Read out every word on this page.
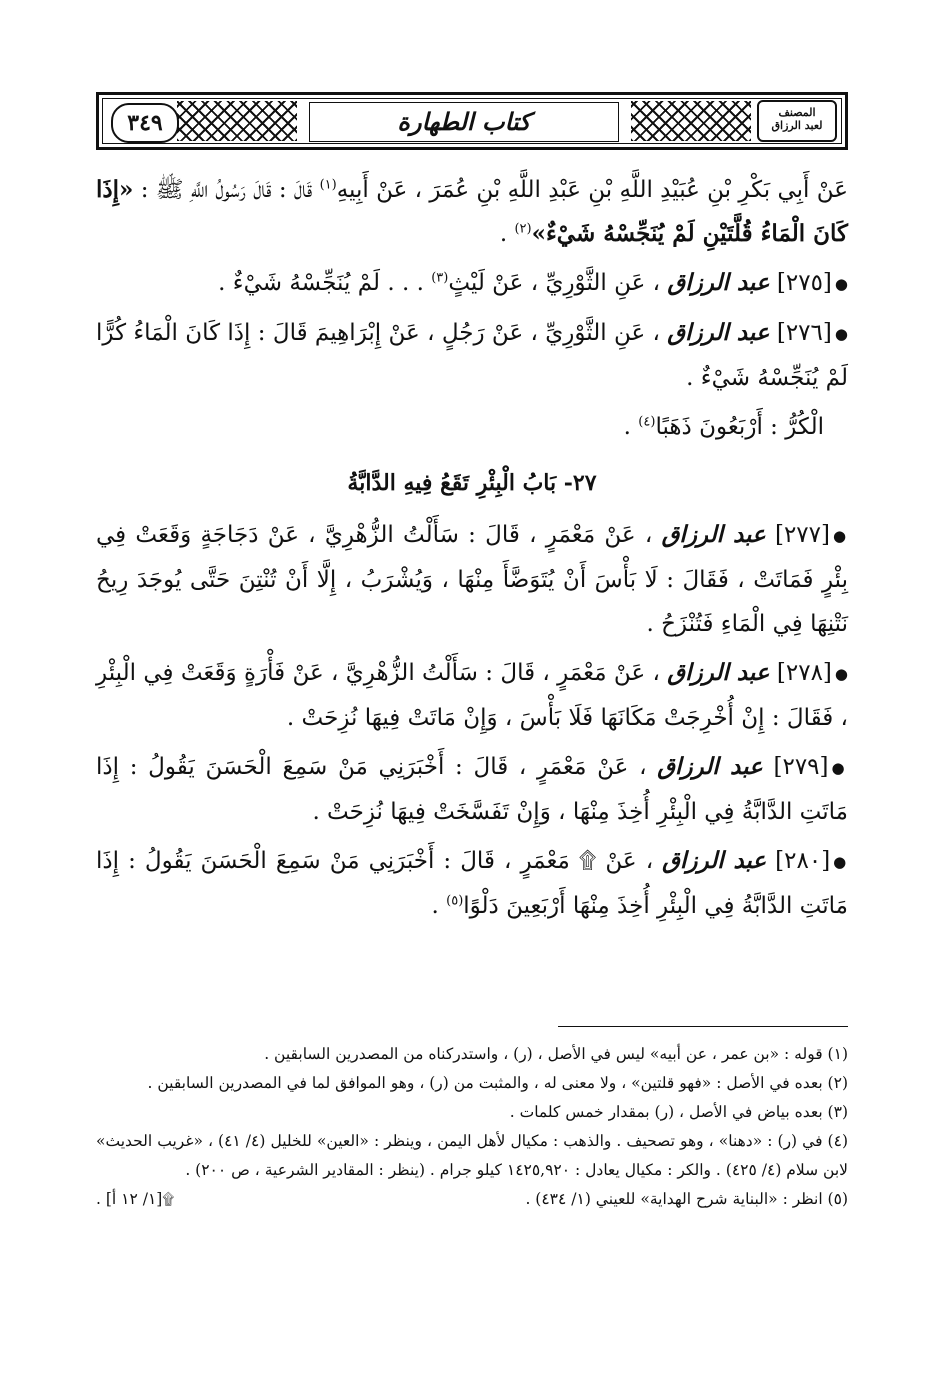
٣٤٩	كتاب الطهارة	المصنف
لعبد الرزاق

عَنْ أَبِي بَكْرِ بْنِ عُبَيْدِ اللَّهِ بْنِ عَبْدِ اللَّهِ بْنِ عُمَرَ ، عَنْ أَبِيهِ$^{(١)}$ قَالَ : قَالَ رَسُولُ اللَّهِ ﷺ : «إِذَا كَانَ الْمَاءُ قُلَّتَيْنِ لَمْ يُنَجِّسْهُ شَيْءٌ»$^{(٢)}$ .

●[٢٧٥] عبد الرزاق ، عَنِ الثَّوْرِيِّ ، عَنْ لَيْثٍ$^{(٣)}$ . . . لَمْ يُنَجِّسْهُ شَيْءٌ .

●[٢٧٦] عبد الرزاق ، عَنِ الثَّوْرِيِّ ، عَنْ رَجُلٍ ، عَنْ إِبْرَاهِيمَ قَالَ : إِذَا كَانَ الْمَاءُ كُرًّا لَمْ يُنَجِّسْهُ شَيْءٌ .

الْكُرُّ : أَرْبَعُونَ ذَهَبًا$^{(٤)}$ .

٢٧- بَابُ الْبِئْرِ تَقَعُ فِيهِ الدَّابَّةُ

●[٢٧٧] عبد الرزاق ، عَنْ مَعْمَرٍ ، قَالَ : سَأَلْتُ الزُّهْرِيَّ ، عَنْ دَجَاجَةٍ وَقَعَتْ فِي بِئْرٍ فَمَاتَتْ ، فَقَالَ : لَا بَأْسَ أَنْ يُتَوَضَّأَ مِنْهَا ، وَيُشْرَبُ ، إِلَّا أَنْ تُنْتِنَ حَتَّى يُوجَدَ رِيحُ نَتْنِهَا فِي الْمَاءِ فَتُنْزَحُ .

●[٢٧٨] عبد الرزاق ، عَنْ مَعْمَرٍ ، قَالَ : سَأَلْتُ الزُّهْرِيَّ ، عَنْ فَأْرَةٍ وَقَعَتْ فِي الْبِئْرِ ، فَقَالَ : إِنْ أُخْرِجَتْ مَكَانَهَا فَلَا بَأْسَ ، وَإِنْ مَاتَتْ فِيهَا نُزِحَتْ .

●[٢٧٩] عبد الرزاق ، عَنْ مَعْمَرٍ ، قَالَ : أَخْبَرَنِي مَنْ سَمِعَ الْحَسَنَ يَقُولُ : إِذَا مَاتَتِ الدَّابَّةُ فِي الْبِئْرِ أُخِذَ مِنْهَا ، وَإِنْ تَفَسَّخَتْ فِيهَا نُزِحَتْ .

●[٢٨٠] عبد الرزاق ، عَنْ ۩ مَعْمَرٍ ، قَالَ : أَخْبَرَنِي مَنْ سَمِعَ الْحَسَنَ يَقُولُ : إِذَا مَاتَتِ الدَّابَّةُ فِي الْبِئْرِ أُخِذَ مِنْهَا أَرْبَعِينَ دَلْوًا$^{(٥)}$ .

(١) قوله : «بن عمر ، عن أبيه» ليس في الأصل ، (ر) ، واستدركناه من المصدرين السابقين .

(٢) بعده في الأصل : «فهو قلتين» ، ولا معنى له ، والمثبت من (ر) ، وهو الموافق لما في المصدرين السابقين .

(٣) بعده بياض في الأصل ، (ر) بمقدار خمس كلمات .

(٤) في (ر) : «دهنا» ، وهو تصحيف . والذهب : مكيال لأهل اليمن ، وينظر : «العين» للخليل (٤/ ٤١) ، «غريب الحديث» لابن سلام (٤/ ٤٢٥) . والكر : مكيال يعادل : ١٤٢٥,٩٢٠ كيلو جرام . (ينظر : المقادير الشرعية ، ص ٢٠٠) .

(٥) انظر : «البناية شرح الهداية» للعيني (١/ ٤٣٤) .
۩[١/ ١٢ أ] .
